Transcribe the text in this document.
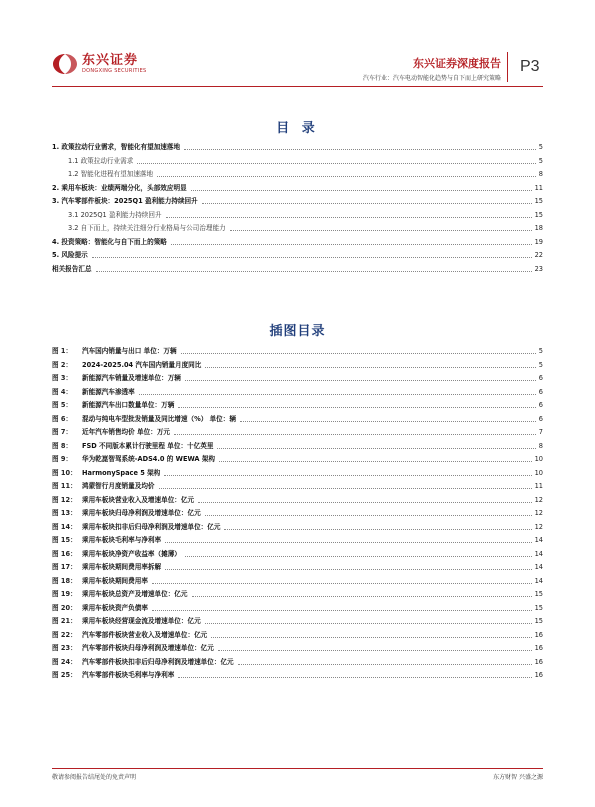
东兴证券
DONGXING SECURITIES
东兴证券深度报告
汽车行业：汽车电动智能化趋势与自下而上研究策略
P3
目 录
1. 政策拉动行业需求，智能化有望加速落地	5
1.1 政策拉动行业需求	5
1.2 智能化进程有望加速落地	8
2. 乘用车板块：业绩两端分化，头部效应明显	11
3. 汽车零部件板块：2025Q1 盈利能力持续回升	15
3.1 2025Q1 盈利能力持续回升	15
3.2 自下而上，持续关注细分行业格局与公司治理能力	18
4. 投资策略：智能化与自下而上的策略	19
5. 风险提示	22
相关报告汇总	23
插图目录
图 1：	汽车国内销量与出口 单位：万辆	5
图 2：	2024-2025.04 汽车国内销量月度同比	5
图 3：	新能源汽车销量及增速单位：万辆	6
图 4：	新能源汽车渗透率	6
图 5：	新能源汽车出口数量单位：万辆	6
图 6：	混动与纯电车型批发销量及同比增速（%） 单位：辆	6
图 7：	近年汽车销售均价 单位：万元	7
图 8：	FSD 不同版本累计行驶里程 单位：十亿英里	8
图 9：	华为乾崑智驾系统-ADS4.0 的 WEWA 架构	10
图 10： HarmonySpace 5 架构	10
图 11： 鸿蒙智行月度销量及均价	11
图 12： 乘用车板块营业收入及增速单位：亿元	12
图 13： 乘用车板块归母净利润及增速单位：亿元	12
图 14： 乘用车板块扣非后归母净利润及增速单位：亿元	12
图 15： 乘用车板块毛利率与净利率	14
图 16： 乘用车板块净资产收益率（摊薄）	14
图 17： 乘用车板块期间费用率拆解	14
图 18： 乘用车板块期间费用率	14
图 19： 乘用车板块总资产及增速单位：亿元	15
图 20： 乘用车板块资产负债率	15
图 21： 乘用车板块经营现金流及增速单位：亿元	15
图 22： 汽车零部件板块营业收入及增速单位：亿元	16
图 23： 汽车零部件板块归母净利润及增速单位：亿元	16
图 24： 汽车零部件板块扣非后归母净利润及增速单位：亿元	16
图 25： 汽车零部件板块毛利率与净利率	16
敬请参阅报告结尾处的免责声明	东方财智 兴盛之源
